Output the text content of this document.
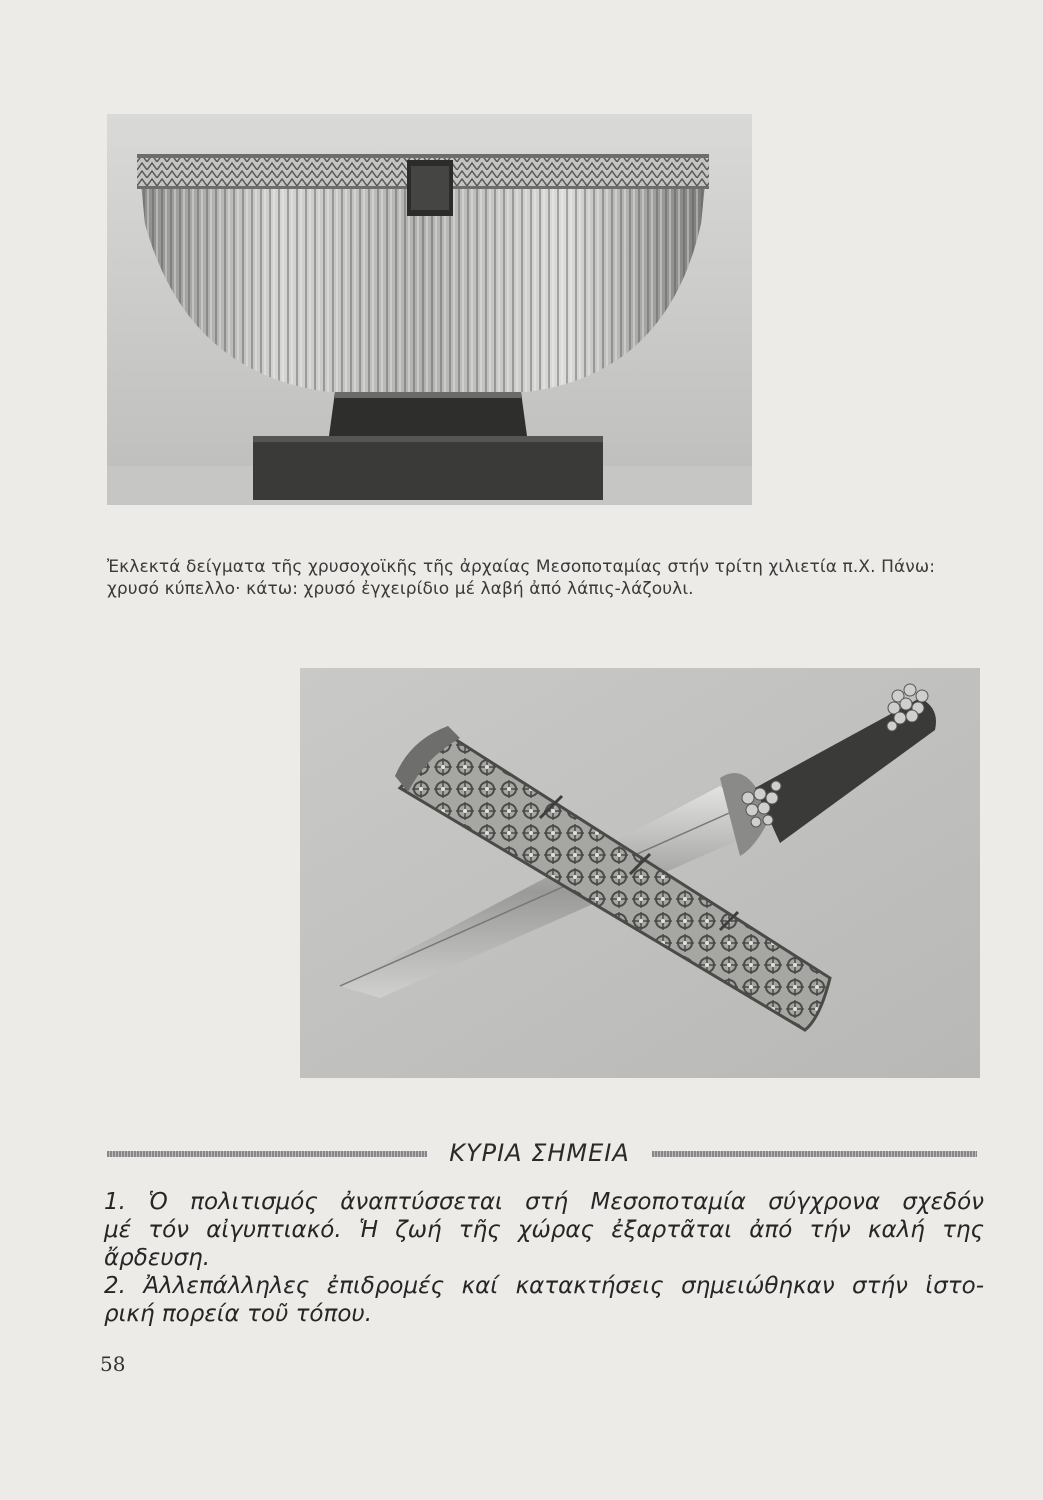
Ἐκλεκτά δείγματα τῆς χρυσοχοϊκῆς τῆς ἀρχαίας Μεσοποταμίας στήν τρίτη χιλιετία π.Χ. Πάνω:
χρυσό κύπελλο· κάτω: χρυσό ἐγχειρίδιο μέ λαβή ἀπό λάπις-λάζουλι.
ΚΥΡΙΑ ΣΗΜΕΙΑ
1. Ὁ πολιτισμός ἀναπτύσσεται στή Μεσοποταμία σύγχρονα σχεδόν
μέ τόν αἰγυπτιακό. Ἡ ζωή τῆς χώρας ἐξαρτᾶται ἀπό τήν καλή της
ἄρδευση.
2. Ἀλλεπάλληλες ἐπιδρομές καί κατακτήσεις σημειώθηκαν στήν ἱστο-
ρική πορεία τοῦ τόπου.
58
